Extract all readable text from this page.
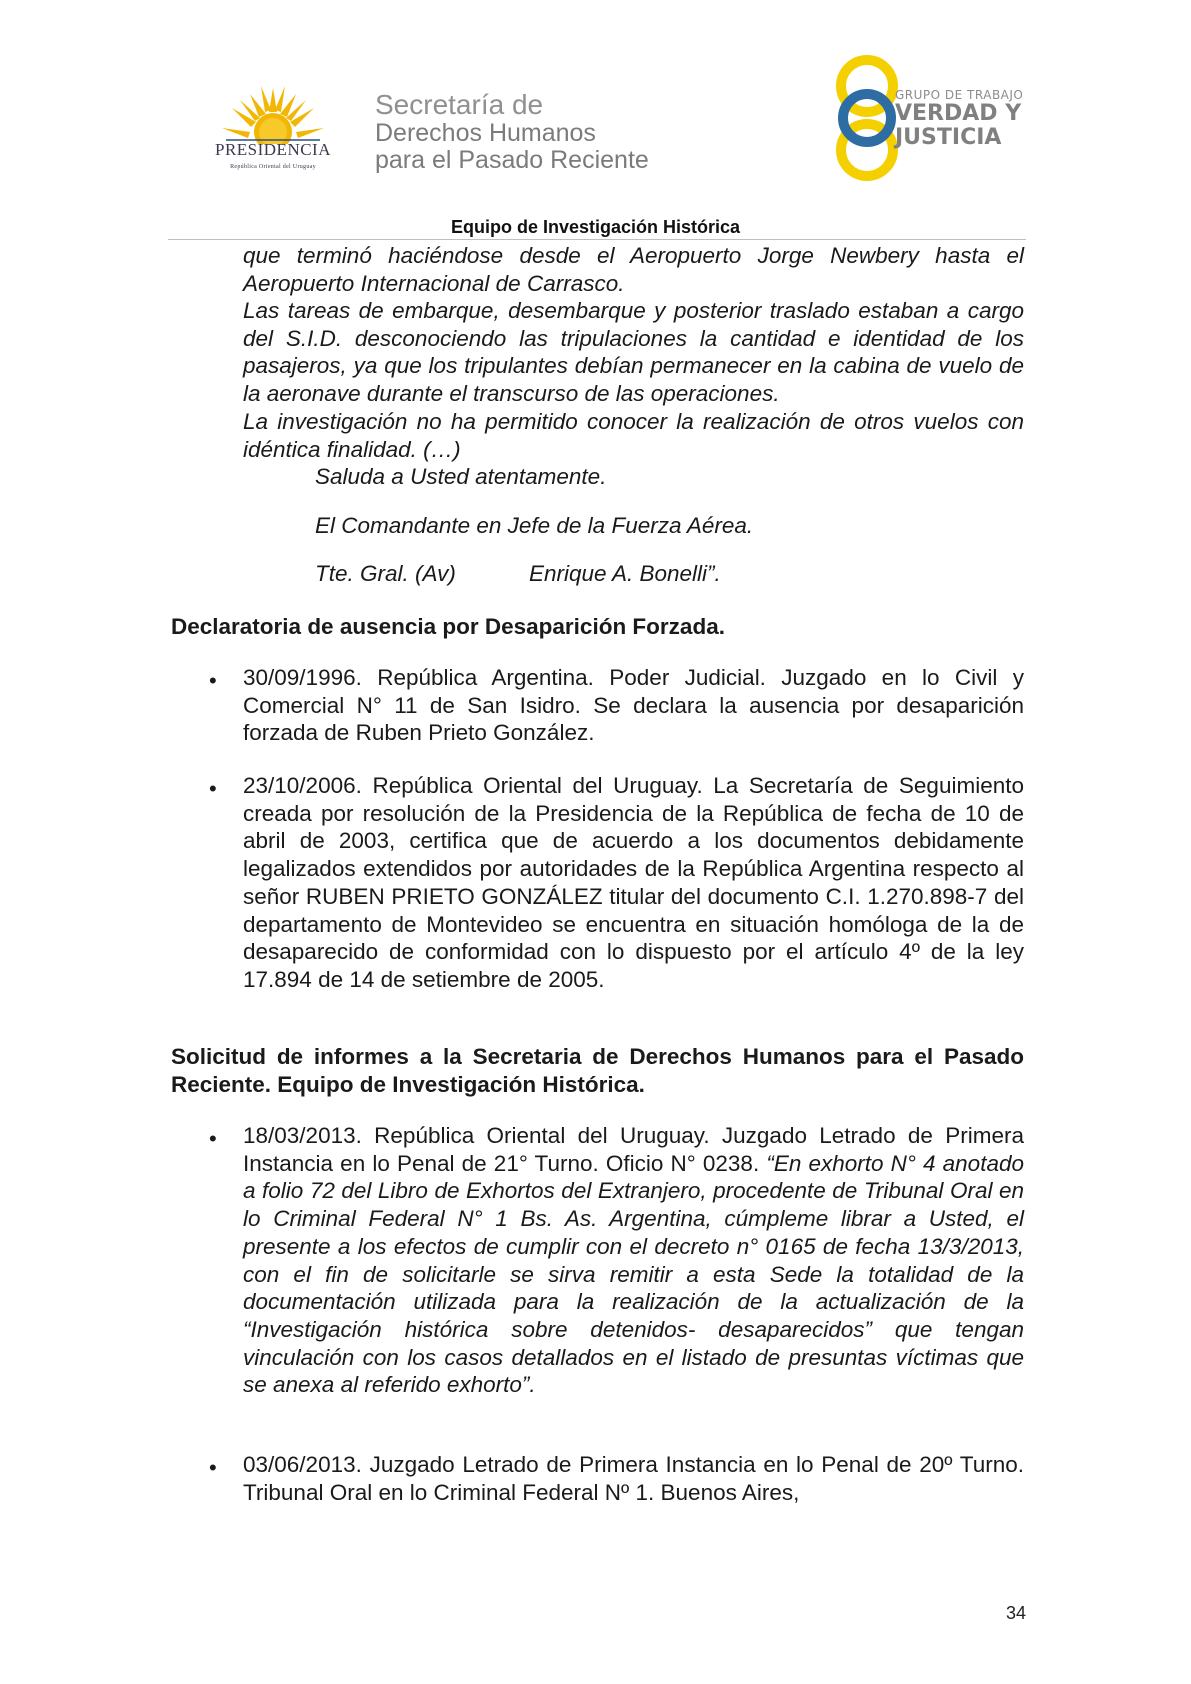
PRESIDENCIA
República Oriental del Uruguay
Secretaría de
Derechos Humanos
para el Pasado Reciente
GRUPO DE TRABAJO
VERDAD Y
JUSTICIA
Equipo de Investigación Histórica

que terminó haciéndose desde el Aeropuerto Jorge Newbery hasta el Aeropuerto Internacional de Carrasco.

Las tareas de embarque, desembarque y posterior traslado estaban a cargo del S.I.D. desconociendo las tripulaciones la cantidad e identidad de los pasajeros, ya que los tripulantes debían permanecer en la cabina de vuelo de la aeronave durante el transcurso de las operaciones.

La investigación no ha permitido conocer la realización de otros vuelos con idéntica finalidad. (…)

Saluda a Usted atentamente.

El Comandante en Jefe de la Fuerza Aérea.

Tte. Gral. (Av)	Enrique A. Bonelli”.

Declaratoria de ausencia por Desaparición Forzada.

• 30/09/1996. República Argentina. Poder Judicial. Juzgado en lo Civil y Comercial N° 11 de San Isidro. Se declara la ausencia por desaparición forzada de Ruben Prieto González.

• 23/10/2006. República Oriental del Uruguay. La Secretaría de Seguimiento creada por resolución de la Presidencia de la República de fecha de 10 de abril de 2003, certifica que de acuerdo a los documentos debidamente legalizados extendidos por autoridades de la República Argentina respecto al señor RUBEN PRIETO GONZÁLEZ titular del documento C.I. 1.270.898-7 del departamento de Montevideo se encuentra en situación homóloga de la de desaparecido de conformidad con lo dispuesto por el artículo 4º de la ley 17.894 de 14 de setiembre de 2005.

Solicitud de informes a la Secretaria de Derechos Humanos para el Pasado Reciente. Equipo de Investigación Histórica.

• 18/03/2013. República Oriental del Uruguay. Juzgado Letrado de Primera Instancia en lo Penal de 21° Turno. Oficio N° 0238. “En exhorto N° 4 anotado a folio 72 del Libro de Exhortos del Extranjero, procedente de Tribunal Oral en lo Criminal Federal N° 1 Bs. As. Argentina, cúmpleme librar a Usted, el presente a los efectos de cumplir con el decreto n° 0165 de fecha 13/3/2013, con el fin de solicitarle se sirva remitir a esta Sede la totalidad de la documentación utilizada para la realización de la actualización de la “Investigación histórica sobre detenidos- desaparecidos” que tengan vinculación con los casos detallados en el listado de presuntas víctimas que se anexa al referido exhorto”.

• 03/06/2013. Juzgado Letrado de Primera Instancia en lo Penal de 20º Turno. Tribunal Oral en lo Criminal Federal Nº 1. Buenos Aires,

34
